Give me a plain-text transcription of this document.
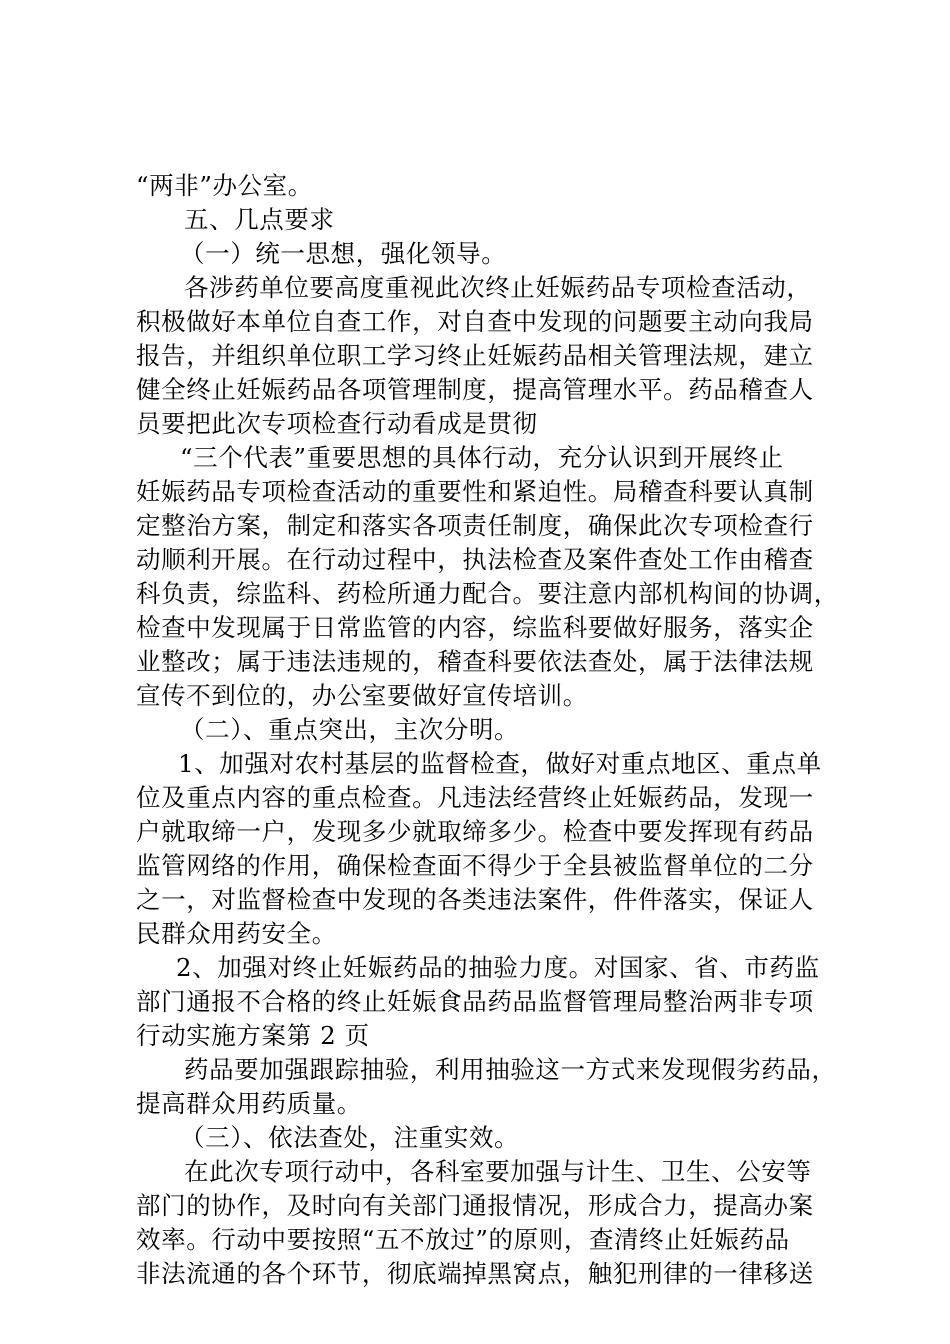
“两非”办公室。

五、几点要求

（一）统一思想，强化领导。

各涉药单位要高度重视此次终止妊娠药品专项检查活动，

积极做好本单位自查工作，对自查中发现的问题要主动向我局

报告，并组织单位职工学习终止妊娠药品相关管理法规，建立

健全终止妊娠药品各项管理制度，提高管理水平。药品稽查人

员要把此次专项检查行动看成是贯彻

“三个代表”重要思想的具体行动，充分认识到开展终止

妊娠药品专项检查活动的重要性和紧迫性。局稽查科要认真制

定整治方案，制定和落实各项责任制度，确保此次专项检查行

动顺利开展。在行动过程中，执法检查及案件查处工作由稽查

科负责，综监科、药检所通力配合。要注意内部机构间的协调，

检查中发现属于日常监管的内容，综监科要做好服务，落实企

业整改；属于违法违规的，稽查科要依法查处，属于法律法规

宣传不到位的，办公室要做好宣传培训。

（二）、重点突出，主次分明。

1、加强对农村基层的监督检查，做好对重点地区、重点单

位及重点内容的重点检查。凡违法经营终止妊娠药品，发现一

户就取缔一户，发现多少就取缔多少。检查中要发挥现有药品

监管网络的作用，确保检查面不得少于全县被监督单位的二分

之一，对监督检查中发现的各类违法案件，件件落实，保证人

民群众用药安全。

2、加强对终止妊娠药品的抽验力度。对国家、省、市药监

部门通报不合格的终止妊娠食品药品监督管理局整治两非专项

行动实施方案第 2 页

药品要加强跟踪抽验，利用抽验这一方式来发现假劣药品，

提高群众用药质量。

（三）、依法查处，注重实效。

在此次专项行动中，各科室要加强与计生、卫生、公安等

部门的协作，及时向有关部门通报情况，形成合力，提高办案

效率。行动中要按照“五不放过”的原则，查清终止妊娠药品

非法流通的各个环节，彻底端掉黑窝点，触犯刑律的一律移送
